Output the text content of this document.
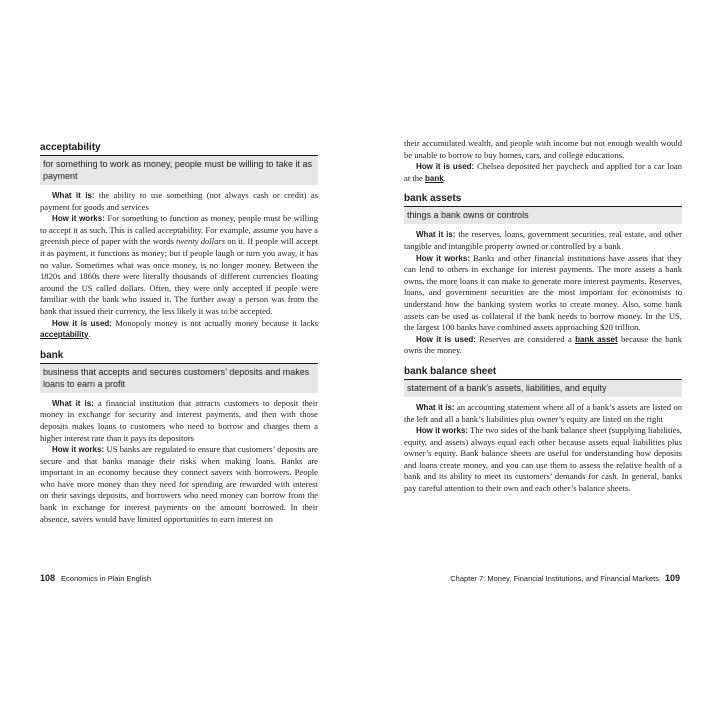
acceptability
for something to work as money, people must be willing to take it as payment

What it is: the ability to use something (not always cash or credit) as payment for goods and services

How it works: For something to function as money, people must be willing to accept it as such. This is called acceptability. For example, assume you have a greenish piece of paper with the words twenty dollars on it. If people will accept it as payment, it functions as money; but if people laugh or turn you away, it has no value. Sometimes what was once money, is no longer money. Between the 1820s and 1860s there were literally thousands of different currencies floating around the US called dollars. Often, they were only accepted if people were familiar with the bank who issued it. The further away a person was from the bank that issued their currency, the less likely it was to be accepted.

How it is used: Monopoly money is not actually money because it lacks acceptability.

bank
business that accepts and secures customers’ deposits and makes loans to earn a profit

What it is: a financial institution that attracts customers to deposit their money in exchange for security and interest payments, and then with those deposits makes loans to customers who need to borrow and charges them a higher interest rate than it pays its depositors

How it works: US banks are regulated to ensure that customers’ deposits are secure and that banks manage their risks when making loans. Banks are important in an economy because they connect savers with borrowers. People who have more money than they need for spending are rewarded with interest on their savings deposits, and borrowers who need money can borrow from the bank in exchange for interest payments on the amount borrowed. In their absence, savers would have limited opportunities to earn interest on

their accumulated wealth, and people with income but not enough wealth would be unable to borrow to buy homes, cars, and college educations.

How it is used: Chelsea deposited her paycheck and applied for a car loan at the bank.

bank assets
things a bank owns or controls

What it is: the reserves, loans, government securities, real estate, and other tangible and intangible property owned or controlled by a bank

How it works: Banks and other financial institutions have assets that they can lend to others in exchange for interest payments. The more assets a bank owns, the more loans it can make to generate more interest payments. Reserves, loans, and government securities are the most important for economists to understand how the banking system works to create money. Also, some bank assets can be used as collateral if the bank needs to borrow money. In the US, the largest 100 banks have combined assets approaching $20 trillion.

How it is used: Reserves are considered a bank asset because the bank owns the money.

bank balance sheet
statement of a bank’s assets, liabilities, and equity

What it is: an accounting statement where all of a bank’s assets are listed on the left and all a bank’s liabilities plus owner’s equity are listed on the right

How it works: The two sides of the bank balance sheet (supplying liabilities, equity, and assets) always equal each other because assets equal liabilities plus owner’s equity. Bank balance sheets are useful for understanding how deposits and loans create money, and you can use them to assess the relative health of a bank and its ability to meet its customers’ demands for cash. In general, banks pay careful attention to their own and each other’s balance sheets.

108 Economics in Plain English	Chapter 7: Money, Financial Institutions, and Financial Markets 109
